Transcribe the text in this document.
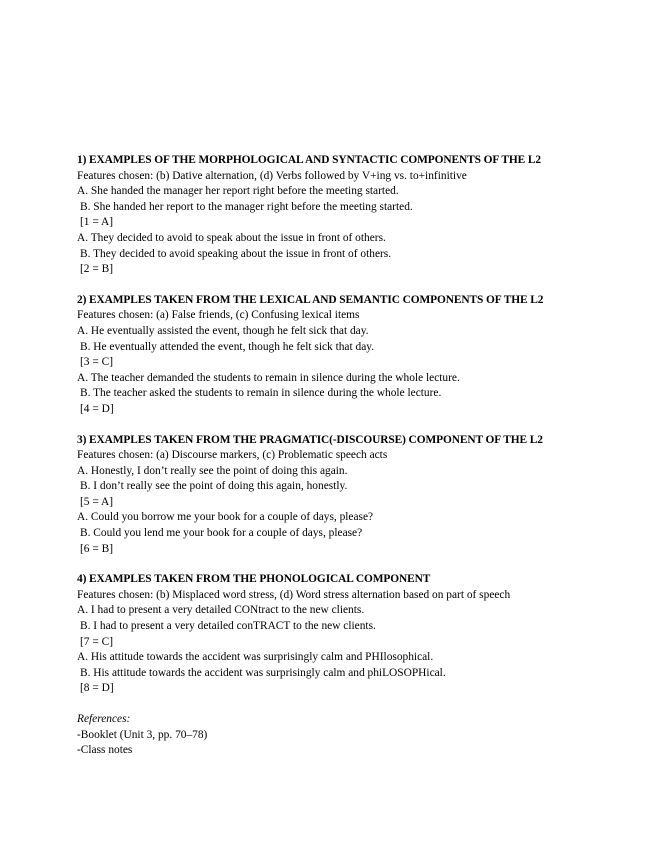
1) EXAMPLES OF THE MORPHOLOGICAL AND SYNTACTIC COMPONENTS OF THE L2
Features chosen: (b) Dative alternation, (d) Verbs followed by V+ing vs. to+infinitive
A. She handed the manager her report right before the meeting started.
B. She handed her report to the manager right before the meeting started.
[1 = A]
A. They decided to avoid to speak about the issue in front of others.
B. They decided to avoid speaking about the issue in front of others.
[2 = B]
2) EXAMPLES TAKEN FROM THE LEXICAL AND SEMANTIC COMPONENTS OF THE L2
Features chosen: (a) False friends, (c) Confusing lexical items
A. He eventually assisted the event, though he felt sick that day.
B. He eventually attended the event, though he felt sick that day.
[3 = C]
A. The teacher demanded the students to remain in silence during the whole lecture.
B. The teacher asked the students to remain in silence during the whole lecture.
[4 = D]
3) EXAMPLES TAKEN FROM THE PRAGMATIC(-DISCOURSE) COMPONENT OF THE L2
Features chosen: (a) Discourse markers, (c) Problematic speech acts
A. Honestly, I don’t really see the point of doing this again.
B. I don’t really see the point of doing this again, honestly.
[5 = A]
A. Could you borrow me your book for a couple of days, please?
B. Could you lend me your book for a couple of days, please?
[6 = B]
4) EXAMPLES TAKEN FROM THE PHONOLOGICAL COMPONENT
Features chosen: (b) Misplaced word stress, (d) Word stress alternation based on part of speech
A. I had to present a very detailed CONtract to the new clients.
B. I had to present a very detailed conTRACT to the new clients.
[7 = C]
A. His attitude towards the accident was surprisingly calm and PHIlosophical.
B. His attitude towards the accident was surprisingly calm and phiLOSOPHical.
[8 = D]
References:
-Booklet (Unit 3, pp. 70–78)
-Class notes
